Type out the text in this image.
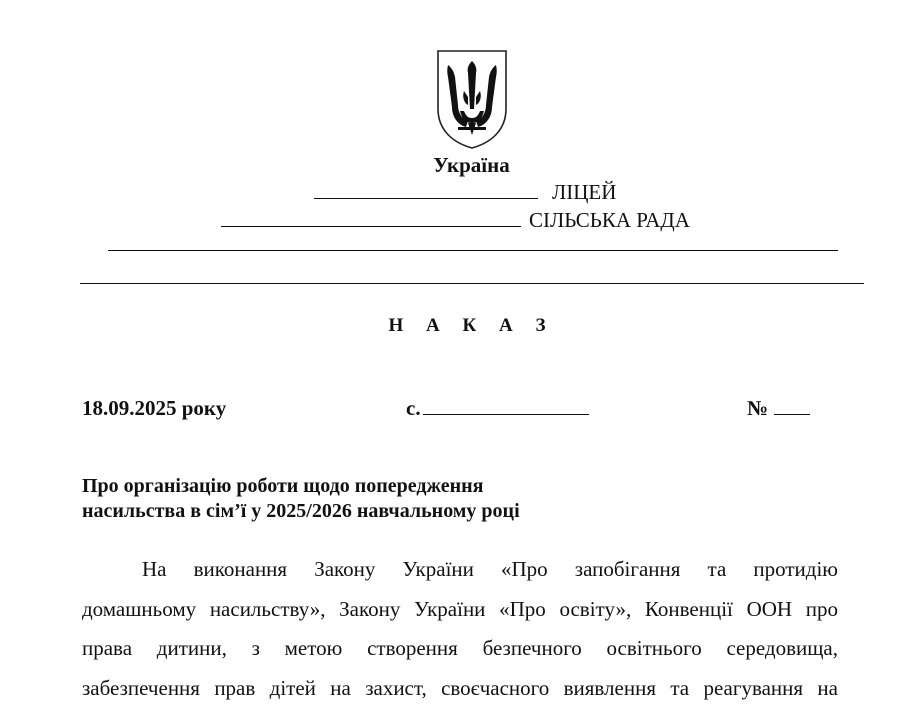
Україна
ЛІЦЕЙ
СІЛЬСЬКА РАДА
Н А К А З
18.09.2025 року	с.	№
Про організацію роботи щодо попередження
насильства в сім’ї у 2025/2026 навчальному році
На виконання Закону України «Про запобігання та протидію
домашньому насильству», Закону України «Про освіту», Конвенції ООН про
права дитини, з метою створення безпечного освітнього середовища,
забезпечення прав дітей на захист, своєчасного виявлення та реагування на
